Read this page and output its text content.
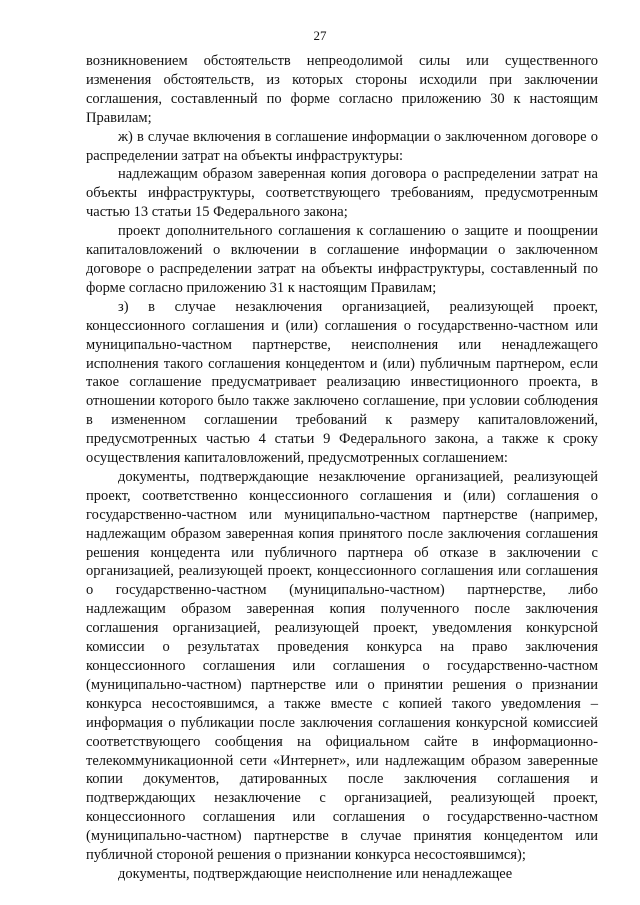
27

возникновением обстоятельств непреодолимой силы или существенного изменения обстоятельств, из которых стороны исходили при заключении соглашения, составленный по форме согласно приложению 30 к настоящим Правилам;

ж) в случае включения в соглашение информации о заключенном договоре о распределении затрат на объекты инфраструктуры:

надлежащим образом заверенная копия договора о распределении затрат на объекты инфраструктуры, соответствующего требованиям, предусмотренным частью 13 статьи 15 Федерального закона;

проект дополнительного соглашения к соглашению о защите и поощрении капиталовложений о включении в соглашение информации о заключенном договоре о распределении затрат на объекты инфраструктуры, составленный по форме согласно приложению 31 к настоящим Правилам;

з) в случае незаключения организацией, реализующей проект, концессионного соглашения и (или) соглашения о государственно-частном или муниципально-частном партнерстве, неисполнения или ненадлежащего исполнения такого соглашения концедентом и (или) публичным партнером, если такое соглашение предусматривает реализацию инвестиционного проекта, в отношении которого было также заключено соглашение, при условии соблюдения в измененном соглашении требований к размеру капиталовложений, предусмотренных частью 4 статьи 9 Федерального закона, а также к сроку осуществления капиталовложений, предусмотренных соглашением:

документы, подтверждающие незаключение организацией, реализующей проект, соответственно концессионного соглашения и (или) соглашения о государственно-частном или муниципально-частном партнерстве (например, надлежащим образом заверенная копия принятого после заключения соглашения решения концедента или публичного партнера об отказе в заключении с организацией, реализующей проект, концессионного соглашения или соглашения о государственно-частном (муниципально-частном) партнерстве, либо надлежащим образом заверенная копия полученного после заключения соглашения организацией, реализующей проект, уведомления конкурсной комиссии о результатах проведения конкурса на право заключения концессионного соглашения или соглашения о государственно-частном (муниципально-частном) партнерстве или о принятии решения о признании конкурса несостоявшимся, а также вместе с копией такого уведомления – информация о публикации после заключения соглашения конкурсной комиссией соответствующего сообщения на официальном сайте в информационно-телекоммуникационной сети «Интернет», или надлежащим образом заверенные копии документов, датированных после заключения соглашения и подтверждающих незаключение с организацией, реализующей проект, концессионного соглашения или соглашения о государственно-частном (муниципально-частном) партнерстве в случае принятия концедентом или публичной стороной решения о признании конкурса несостоявшимся);

документы, подтверждающие неисполнение или ненадлежащее
